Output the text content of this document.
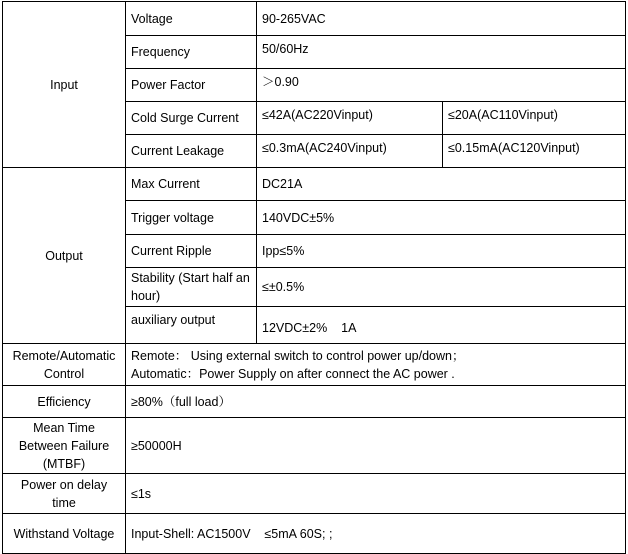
Input	Voltage	90-265VAC	
	Frequency	50/60Hz	
	Power Factor	＞0.90	
	Cold Surge Current	≤42A(AC220Vinput)	≤20A(AC110Vinput)
	Current Leakage	≤0.3mA(AC240Vinput)	≤0.15mA(AC120Vinput)
Output	Max Current	DC21A	
	Trigger voltage	140VDC±5%	
	Current Ripple	Ipp≤5%	
	Stability (Start half an hour)	≤±0.5%	
	auxiliary output	12VDC±2%    1A	
Remote/Automatic Control	Remote： Using external switch to control power up/down；
Automatic：Power Supply on after connect the AC power .		

Efficiency	≥80%（full load）		
Mean Time Between Failure (MTBF)	≥50000H		
Power on delay time	≤1s		
Withstand Voltage	Input-Shell: AC1500V    ≤5mA 60S; ;		
